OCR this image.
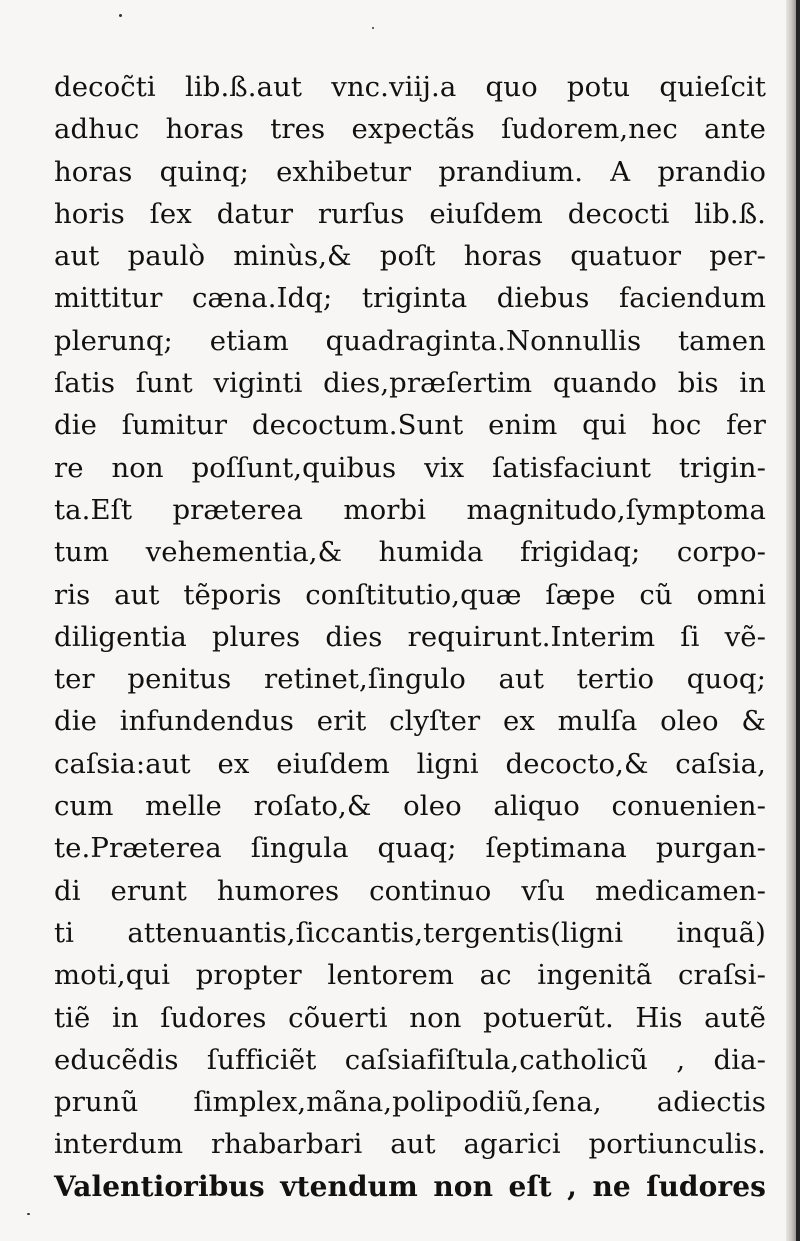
decoc̃ti lib.ß.aut vnc.viij.a quo potu quieſcit
adhuc horas tres expectãs ſudorem,nec ante
horas quinq; exhibetur prandium. A prandio
horis ſex datur rurſus eiuſdem decocti lib.ß.
aut paulò minùs,& poſt horas quatuor per-
mittitur cæna.Idq; triginta diebus faciendum
plerunq; etiam quadraginta.Nonnullis tamen
ſatis ſunt viginti dies,præſertim quando bis in
die ſumitur decoctum.Sunt enim qui hoc fer
re non poſſunt,quibus vix ſatisfaciunt trigin-
ta.Eſt præterea morbi magnitudo,ſymptoma
tum vehementia,& humida frigidaq; corpo-
ris aut tẽporis conſtitutio,quæ ſæpe cũ omni
diligentia plures dies requirunt.Interim ſi vẽ-
ter penitus retinet,ſingulo aut tertio quoq;
die infundendus erit clyſter ex mulſa oleo &
caſsia:aut ex eiuſdem ligni decocto,& caſsia,
cum melle roſato,& oleo aliquo conuenien-
te.Præterea ſingula quaq; ſeptimana purgan-
di erunt humores continuo vſu medicamen-
ti attenuantis,ſiccantis,tergentis(ligni inquã)
moti,qui propter lentorem ac ingenitã craſsi-
tiẽ in ſudores cõuerti non potuerũt. His autẽ
educẽdis ſufficiẽt caſsiafiſtula,catholicũ , dia-
prunũ ſimplex,mãna,polipodiũ,ſena, adiectis
interdum rhabarbari aut agarici portiunculis.
Valentioribus vtendum non eſt , ne ſudores
